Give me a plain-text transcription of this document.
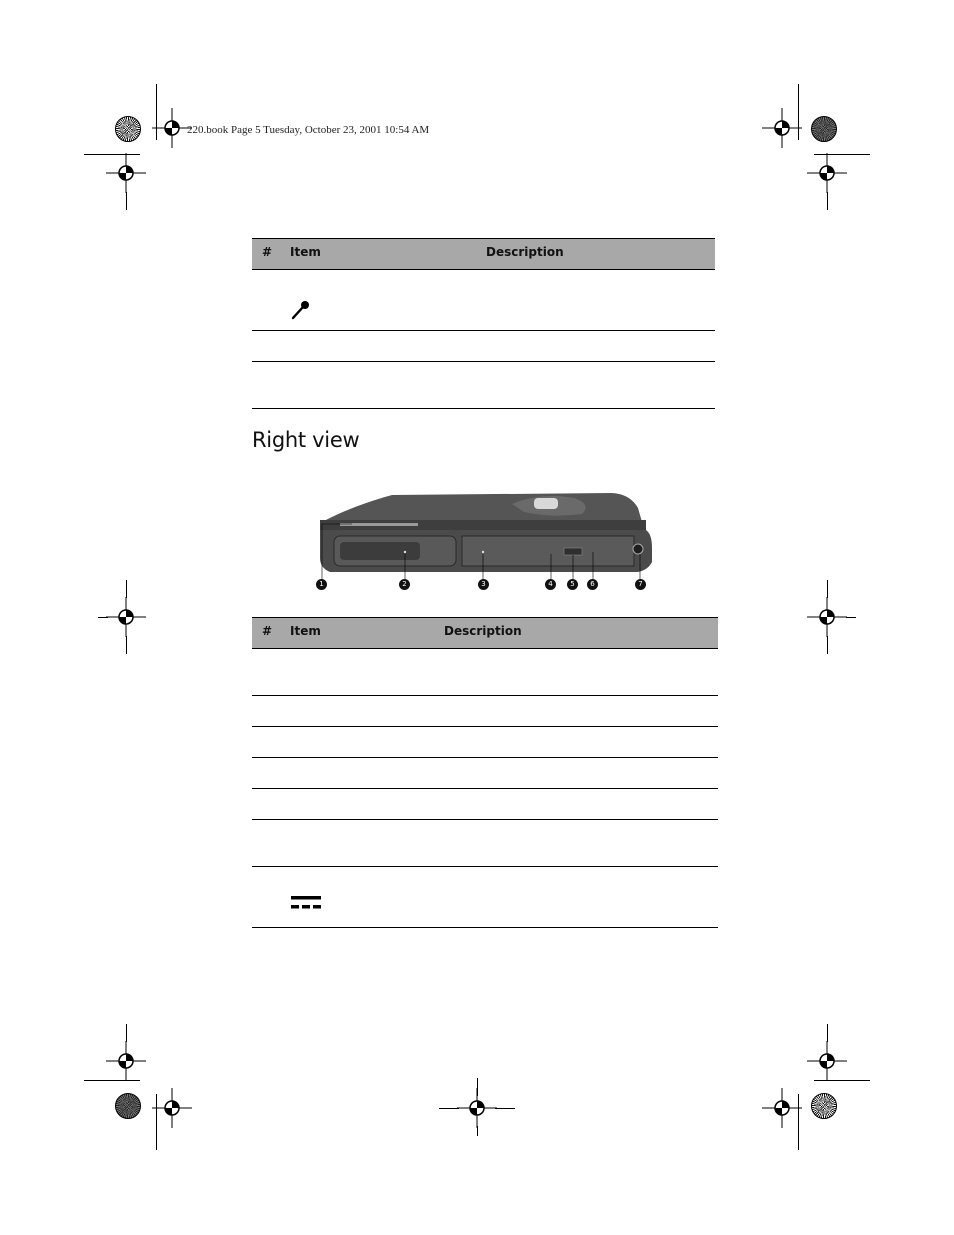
220.book Page 5 Tuesday, October 23, 2001 10:54 AM
# Item	Description
Right view
1	2	3	4	5	6	7
# Item	Description
